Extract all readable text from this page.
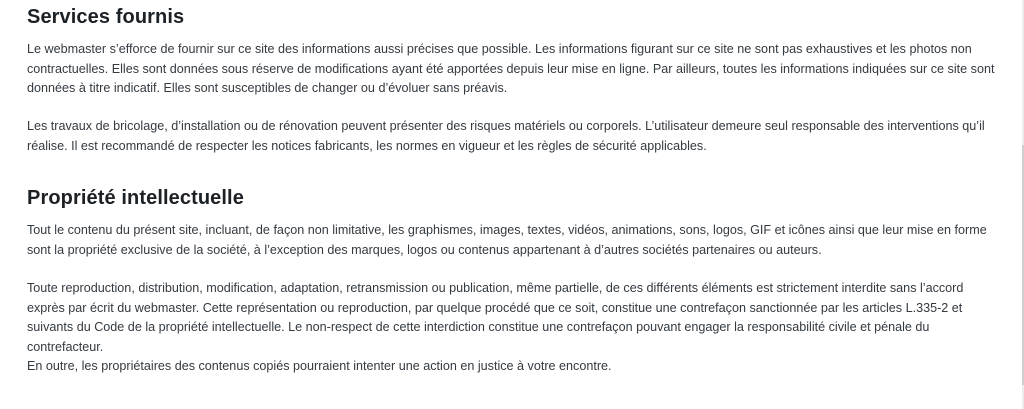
Services fournis

Le webmaster s’efforce de fournir sur ce site des informations aussi précises que possible. Les informations figurant sur ce site ne sont pas exhaustives et les photos non contractuelles. Elles sont données sous réserve de modifications ayant été apportées depuis leur mise en ligne. Par ailleurs, toutes les informations indiquées sur ce site sont données à titre indicatif. Elles sont susceptibles de changer ou d’évoluer sans préavis.

Les travaux de bricolage, d’installation ou de rénovation peuvent présenter des risques matériels ou corporels. L’utilisateur demeure seul responsable des interventions qu’il réalise. Il est recommandé de respecter les notices fabricants, les normes en vigueur et les règles de sécurité applicables.

Propriété intellectuelle

Tout le contenu du présent site, incluant, de façon non limitative, les graphismes, images, textes, vidéos, animations, sons, logos, GIF et icônes ainsi que leur mise en forme sont la propriété exclusive de la société, à l’exception des marques, logos ou contenus appartenant à d’autres sociétés partenaires ou auteurs.

Toute reproduction, distribution, modification, adaptation, retransmission ou publication, même partielle, de ces différents éléments est strictement interdite sans l’accord exprès par écrit du webmaster. Cette représentation ou reproduction, par quelque procédé que ce soit, constitue une contrefaçon sanctionnée par les articles L.335-2 et suivants du Code de la propriété intellectuelle. Le non-respect de cette interdiction constitue une contrefaçon pouvant engager la responsabilité civile et pénale du contrefacteur.

En outre, les propriétaires des contenus copiés pourraient intenter une action en justice à votre encontre.
